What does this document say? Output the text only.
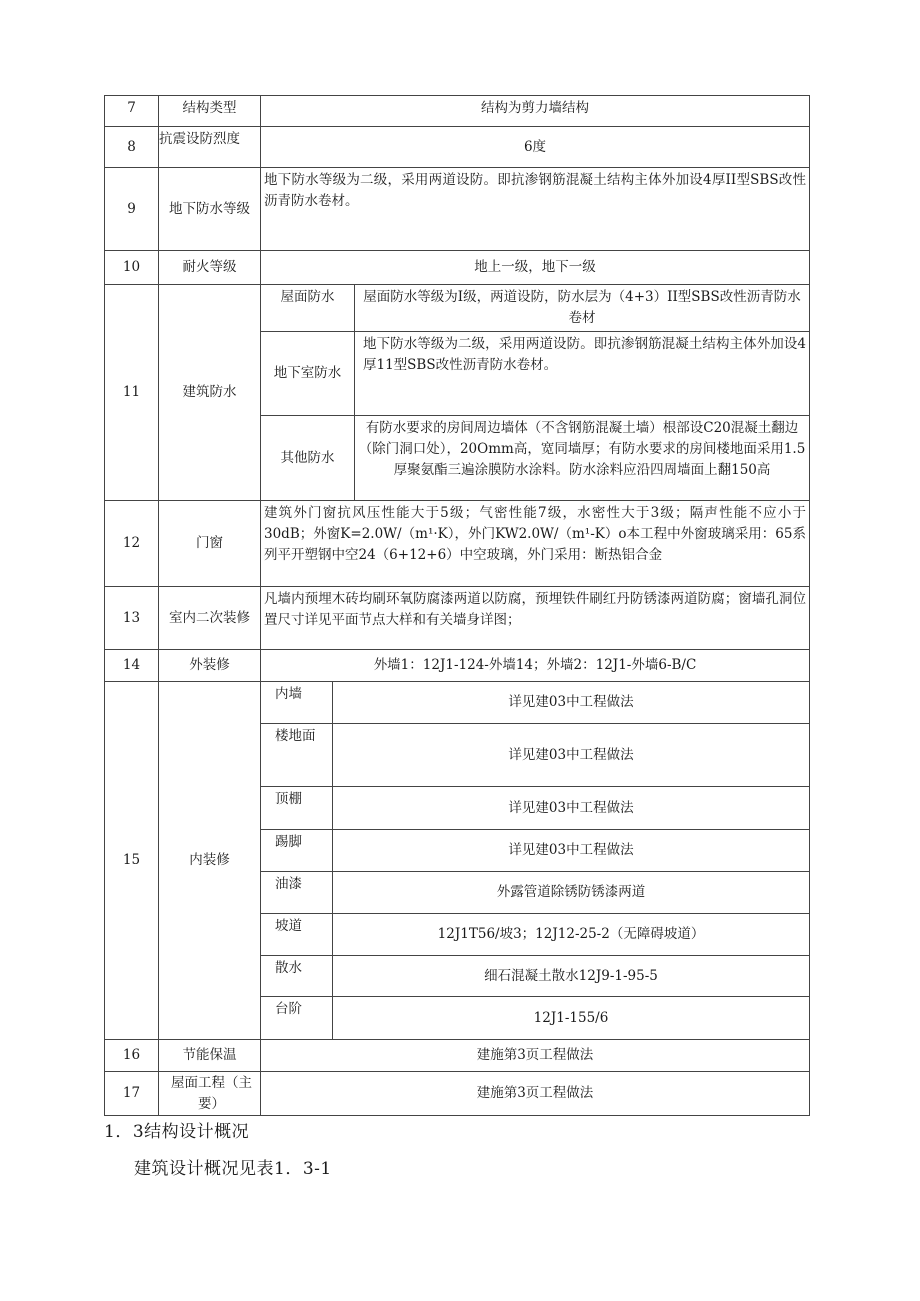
7	结构类型	结构为剪力墙结构		
8	抗震设防烈度	6度		
9	地下防水等级	地下防水等级为二级，采用两道设防。即抗渗钢筋混凝土结构主体外加设4厚II型SBS改性沥青防水卷材。		
10	耐火等级	地上一级，地下一级		
11	建筑防水	屋面防水		屋面防水等级为I级，两道设防，防水层为（4+3）II型SBS改性沥青防水卷材
		地下室防水		地下防水等级为二级，采用两道设防。即抗渗钢筋混凝土结构主体外加设4厚11型SBS改性沥青防水卷材。
		其他防水		有防水要求的房间周边墙体（不含钢筋混凝土墙）根部设C20混凝土翻边（除门洞口处），20Omm高，宽同墙厚；有防水要求的房间楼地面采用1.5厚聚氨酯三遍涂膜防水涂料。防水涂料应沿四周墙面上翻150高
12	门窗	建筑外门窗抗风压性能大于5级；气密性能7级，水密性大于3级；隔声性能不应小于30dB；外窗K=2.0W/（m¹·K），外门KW2.0W/（m¹-K）o本工程中外窗玻璃采用：65系列平开塑钢中空24（6+12+6）中空玻璃，外门采用：断热铝合金		
13	室内二次装修	凡墙内预埋木砖均刷环氧防腐漆两道以防腐，预埋铁件刷红丹防锈漆两道防腐；窗墙孔洞位置尺寸详见平面节点大样和有关墙身详图；		
14	外装修	外墙1：12J1-124-外墙14；外墙2：12J1-外墙6-B/C		
15	内装修	内墙	详见建03中工程做法	
		楼地面	详见建03中工程做法	
		顶棚	详见建03中工程做法	
		踢脚	详见建03中工程做法	
		油漆	外露管道除锈防锈漆两道	
		坡道	12J1T56/坡3；12J12-25-2（无障碍坡道）	
		散水	细石混凝土散水12J9-1-95-5	
		台阶	12J1-155/6	
16	节能保温	建施第3页工程做法		
17	屋面工程（主要）	建施第3页工程做法		
1．3结构设计概况
建筑设计概况见表1．3-1
